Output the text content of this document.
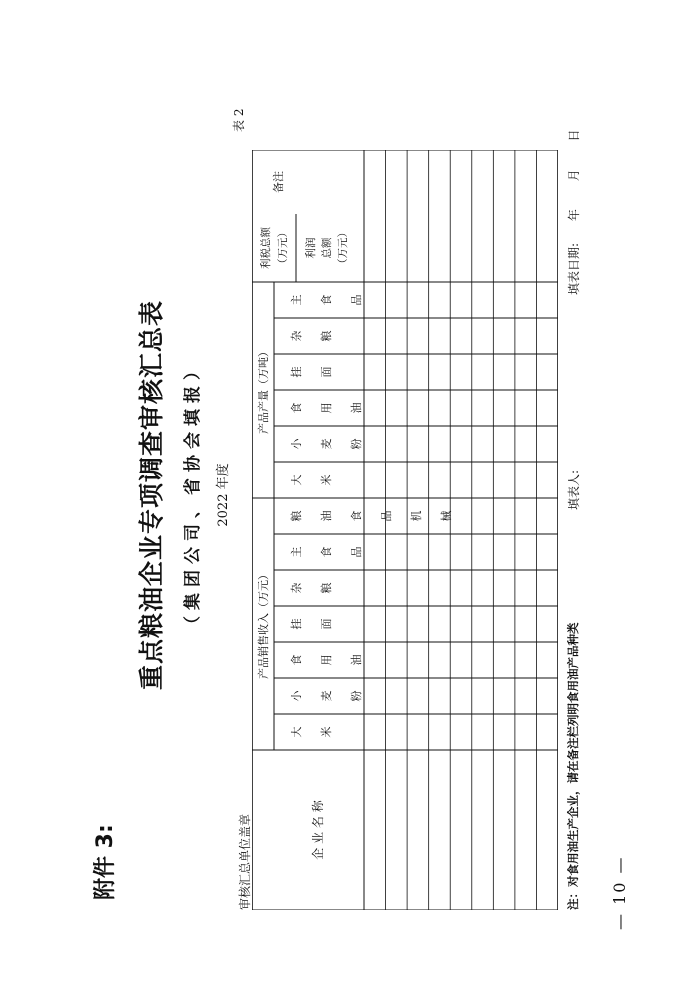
附件 3:
重点粮油企业专项调查审核汇总表 （集团公司、省协会填报）	2022 年度
表 2
审核汇总单位盖章
产品销售收入（万元）
大 米
小 麦 粉
食 用 油
挂 面
杂 粮
主 食 品
粮 油 食 品 机 械
产品产量（万吨）
大 米
小 麦 粉
食 用 油
挂 面
杂 粮
主 食 品
利税总额 （万元） 利润 总额 （万元）
备注
企 业 名 称	注：对食用油生产企业，请在备注栏列明食用油产品种类
填表人:
填表日期: 年 月 日
— 10 —
